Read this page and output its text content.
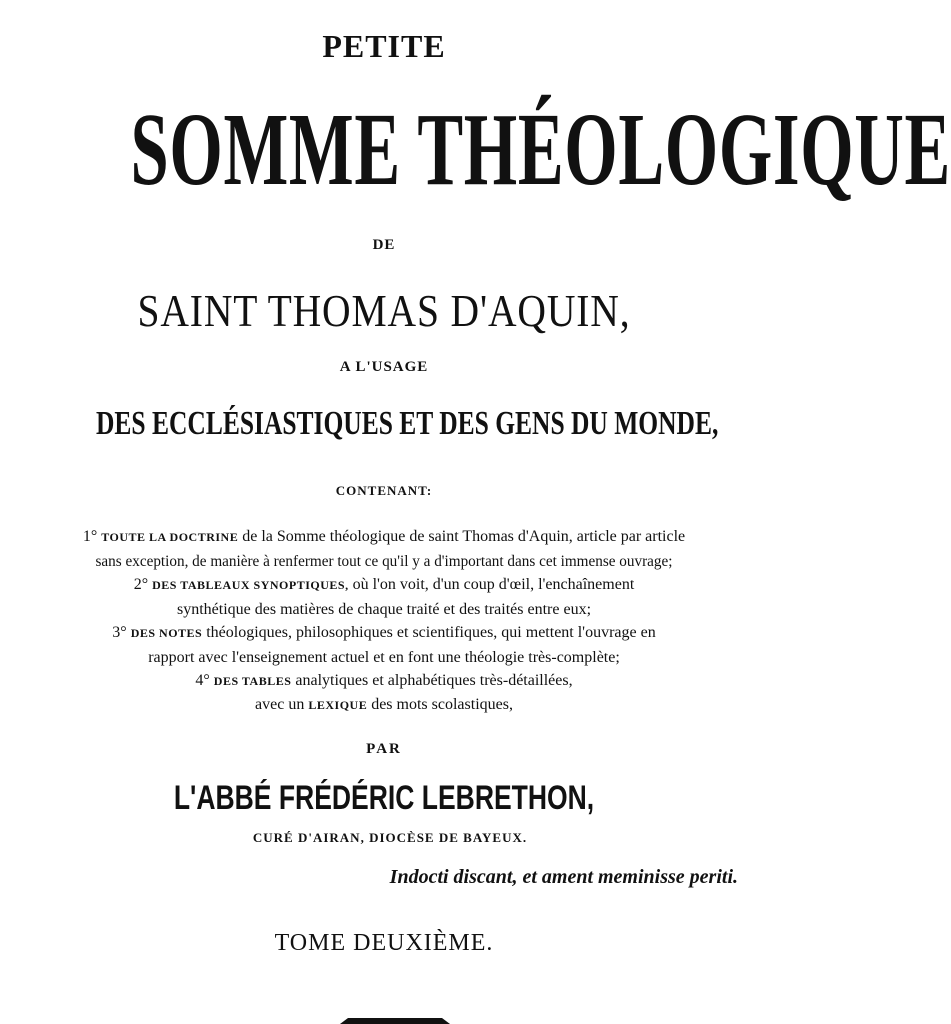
PETITE
SOMME THÉOLOGIQUE
DE
SAINT THOMAS D'AQUIN,
A L'USAGE
DES ECCLÉSIASTIQUES ET DES GENS DU MONDE,
CONTENANT:
1° TOUTE LA DOCTRINE de la Somme théologique de saint Thomas d'Aquin, article par article
sans exception, de manière à renfermer tout ce qu'il y a d'important dans cet immense ouvrage;
2° DES TABLEAUX SYNOPTIQUES, où l'on voit, d'un coup d'œil, l'enchaînement
synthétique des matières de chaque traité et des traités entre eux;
3° DES NOTES théologiques, philosophiques et scientifiques, qui mettent l'ouvrage en
rapport avec l'enseignement actuel et en font une théologie très-complète;
4° DES TABLES analytiques et alphabétiques très-détaillées,
avec un LEXIQUE des mots scolastiques,
PAR
L'ABBÉ FRÉDÉRIC LEBRETHON,
CURÉ D'AIRAN, DIOCÈSE DE BAYEUX.
Indocti discant, et ament meminisse periti.
TOME DEUXIÈME.
